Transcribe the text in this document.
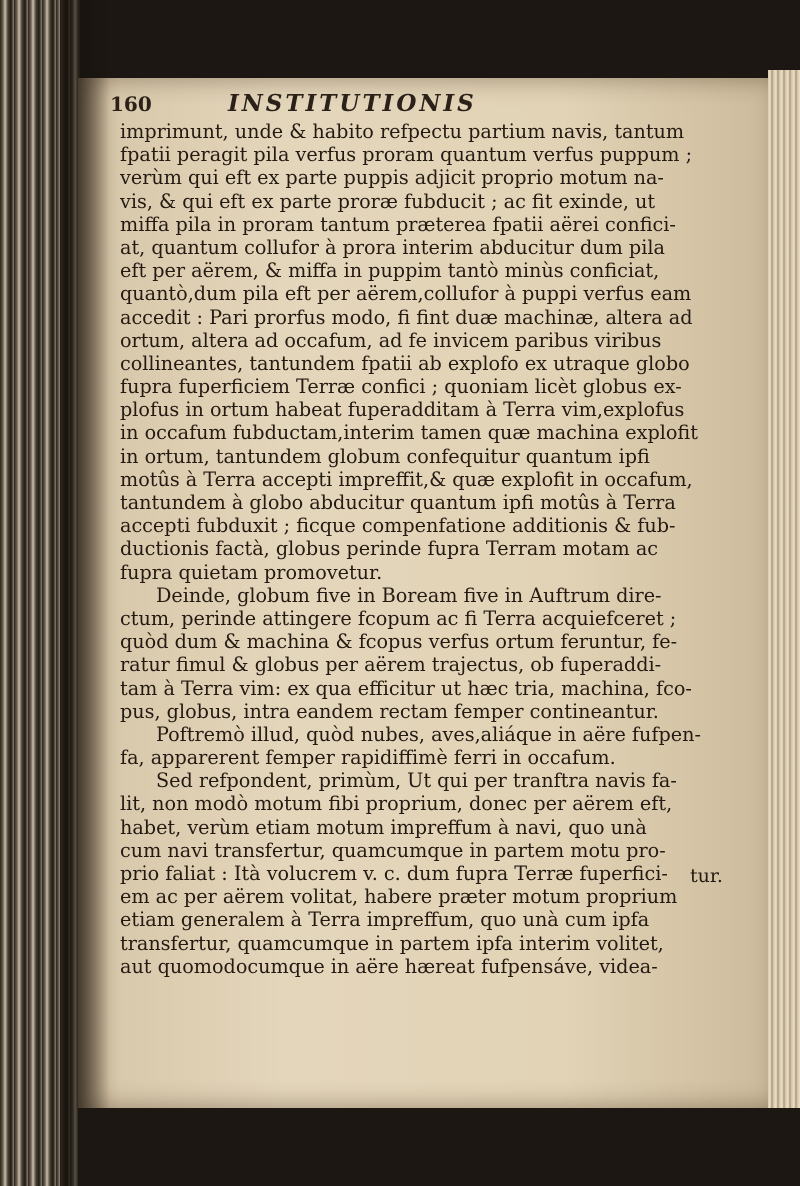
160	INSTITUTIONIS
imprimunt, unde & habito refpectu partium navis, tantum
fpatii peragit pila verfus proram quantum verfus puppum ;
verùm qui eft ex parte puppis adjicit proprio motum na-
vis, & qui eft ex parte proræ fubducit ; ac fit exinde, ut
miffa pila in proram tantum præterea fpatii aërei confici-
at, quantum collufor à prora interim abducitur dum pila
eft per aërem, & miffa in puppim tantò minùs conficiat,
quantò,dum pila eft per aërem,collufor à puppi verfus eam
accedit : Pari prorfus modo, fi fint duæ machinæ, altera ad
ortum, altera ad occafum, ad fe invicem paribus viribus
collineantes, tantundem fpatii ab explofo ex utraque globo
fupra fuperficiem Terræ confici ; quoniam licèt globus ex-
plofus in ortum habeat fuperadditam à Terra vim,explofus
in occafum fubductam,interim tamen quæ machina explofit
in ortum, tantundem globum confequitur quantum ipfi
motûs à Terra accepti impreffit,& quæ explofit in occafum,
tantundem à globo abducitur quantum ipfi motûs à Terra
accepti fubduxit ; ficque compenfatione additionis & fub-
ductionis factà, globus perinde fupra Terram motam ac
fupra quietam promovetur.
Deinde, globum five in Boream five in Auftrum dire-
ctum, perinde attingere fcopum ac fi Terra acquiefceret ;
quòd dum & machina & fcopus verfus ortum feruntur, fe-
ratur fimul & globus per aërem trajectus, ob fuperaddi-
tam à Terra vim: ex qua efficitur ut hæc tria, machina, fco-
pus, globus, intra eandem rectam femper contineantur.
Poftremò illud, quòd nubes, aves,aliáque in aëre fufpen-
fa, apparerent femper rapidiffimè ferri in occafum.
Sed refpondent, primùm, Ut qui per tranftra navis fa-
lit, non modò motum fibi proprium, donec per aërem eft,
habet, verùm etiam motum impreffum à navi, quo unà
cum navi transfertur, quamcumque in partem motu pro-
prio faliat : Ità volucrem v. c. dum fupra Terræ fuperfici-
em ac per aërem volitat, habere præter motum proprium
etiam generalem à Terra impreffum, quo unà cum ipfa
transfertur, quamcumque in partem ipfa interim volitet,
aut quomodocumque in aëre hæreat fufpensáve, videa-
tur.
